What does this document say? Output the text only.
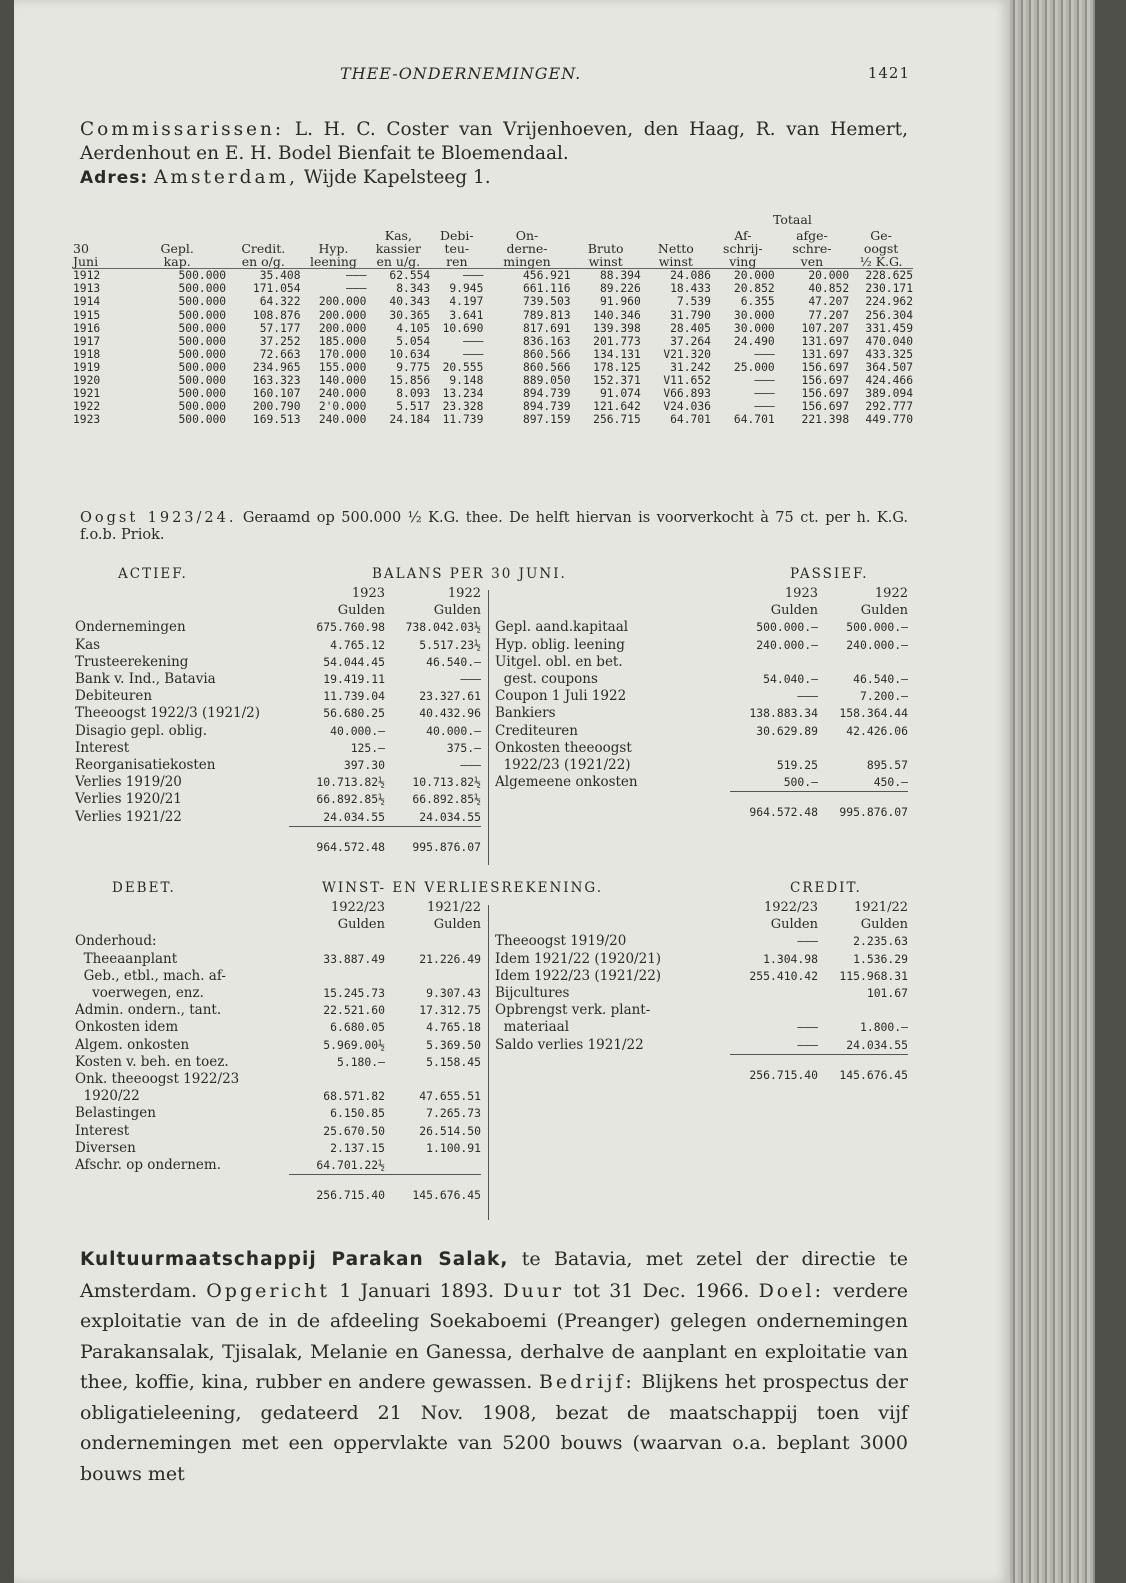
THEE-ONDERNEMINGEN.	1421
Commissarissen: L. H. C. Coster van Vrijenhoeven, den Haag, R. van Hemert, Aerdenhout en E. H. Bodel Bienfait te Bloemendaal.
Adres: Amsterdam, Wijde Kapelsteeg 1.
Totaal
				Kas,	Debi-	On-			Af-	afge-	Ge-
30	Gepl.	Credit.	Hyp.	kassier	teu-	derne-	Bruto	Netto	schrij-	schre-	oogst
Juni	kap.	en o/g.	leening	en u/g.	ren	mingen	winst	winst	ving	ven	½ K.G.
1912	500.000	35.408	———	62.554	———	456.921	88.394	24.086	20.000	20.000	228.625
1913	500.000	171.054	———	8.343	9.945	661.116	89.226	18.433	20.852	40.852	230.171
1914	500.000	64.322	200.000	40.343	4.197	739.503	91.960	7.539	6.355	47.207	224.962
1915	500.000	108.876	200.000	30.365	3.641	789.813	140.346	31.790	30.000	77.207	256.304
1916	500.000	57.177	200.000	4.105	10.690	817.691	139.398	28.405	30.000	107.207	331.459
1917	500.000	37.252	185.000	5.054	———	836.163	201.773	37.264	24.490	131.697	470.040
1918	500.000	72.663	170.000	10.634	———	860.566	134.131	V21.320	———	131.697	433.325
1919	500.000	234.965	155.000	9.775	20.555	860.566	178.125	31.242	25.000	156.697	364.507
1920	500.000	163.323	140.000	15.856	9.148	889.050	152.371	V11.652	———	156.697	424.466
1921	500.000	160.107	240.000	8.093	13.234	894.739	91.074	V66.893	———	156.697	389.094
1922	500.000	200.790	2'0.000	5.517	23.328	894.739	121.642	V24.036	———	156.697	292.777
1923	500.000	169.513	240.000	24.184	11.739	897.159	256.715	64.701	64.701	221.398	449.770
Oogst 1923/24. Geraamd op 500.000 ½ K.G. thee. De helft hiervan is voorverkocht à 75 ct. per h. K.G. f.o.b. Priok.
ACTIEF.	BALANS PER 30 JUNI.	PASSIEF.
	1923	1922
	Gulden	Gulden
Ondernemingen	675.760.98	738.042.03½
Kas	4.765.12	5.517.23½
Trusteerekening	54.044.45	46.540.—
Bank v. Ind., Batavia	19.419.11	———
Debiteuren	11.739.04	23.327.61
Theeoogst 1922/3 (1921/2)	56.680.25	40.432.96
Disagio gepl. oblig.	40.000.—	40.000.—
Interest	125.—	375.—
Reorganisatiekosten	397.30	———
Verlies 1919/20	10.713.82½	10.713.82½
Verlies 1920/21	66.892.85½	66.892.85½
Verlies 1921/22	24.034.55	24.034.55
	964.572.48	995.876.07
	1923	1922
	Gulden	Gulden
Gepl. aand.kapitaal	500.000.—	500.000.—
Hyp. oblig. leening	240.000.—	240.000.—
Uitgel. obl. en bet.		
gest. coupons	54.040.—	46.540.—
Coupon 1 Juli 1922	———	7.200.—
Bankiers	138.883.34	158.364.44
Crediteuren	30.629.89	42.426.06
Onkosten theeoogst		
1922/23 (1921/22)	519.25	895.57
Algemeene onkosten	500.—	450.—
	964.572.48	995.876.07
DEBET.	WINST- EN VERLIESREKENING.	CREDIT.
	1922/23	1921/22
	Gulden	Gulden
Onderhoud:		
Theeaanplant	33.887.49	21.226.49
Geb., etbl., mach. af-		
voerwegen, enz.	15.245.73	9.307.43
Admin. ondern., tant.	22.521.60	17.312.75
Onkosten idem	6.680.05	4.765.18
Algem. onkosten	5.969.00½	5.369.50
Kosten v. beh. en toez.	5.180.—	5.158.45
Onk. theeoogst 1922/23		
1920/22	68.571.82	47.655.51
Belastingen	6.150.85	7.265.73
Interest	25.670.50	26.514.50
Diversen	2.137.15	1.100.91
Afschr. op ondernem.	64.701.22½	
	256.715.40	145.676.45
	1922/23	1921/22
	Gulden	Gulden
Theeoogst 1919/20	———	2.235.63
Idem 1921/22 (1920/21)	1.304.98	1.536.29
Idem 1922/23 (1921/22)	255.410.42	115.968.31
Bijcultures		101.67
Opbrengst verk. plant-		
materiaal	———	1.800.—
Saldo verlies 1921/22	———	24.034.55
	256.715.40	145.676.45
Kultuurmaatschappij Parakan Salak, te Batavia, met zetel der directie te Amsterdam. Opgericht 1 Januari 1893. Duur tot 31 Dec. 1966. Doel: verdere exploitatie van de in de afdeeling Soekaboemi (Preanger) gelegen ondernemingen Parakansalak, Tjisalak, Melanie en Ganessa, derhalve de aanplant en exploitatie van thee, koffie, kina, rubber en andere gewassen. Bedrijf: Blijkens het prospectus der obligatieleening, gedateerd 21 Nov. 1908, bezat de maatschappij toen vijf ondernemingen met een oppervlakte van 5200 bouws (waarvan o.a. beplant 3000 bouws met
